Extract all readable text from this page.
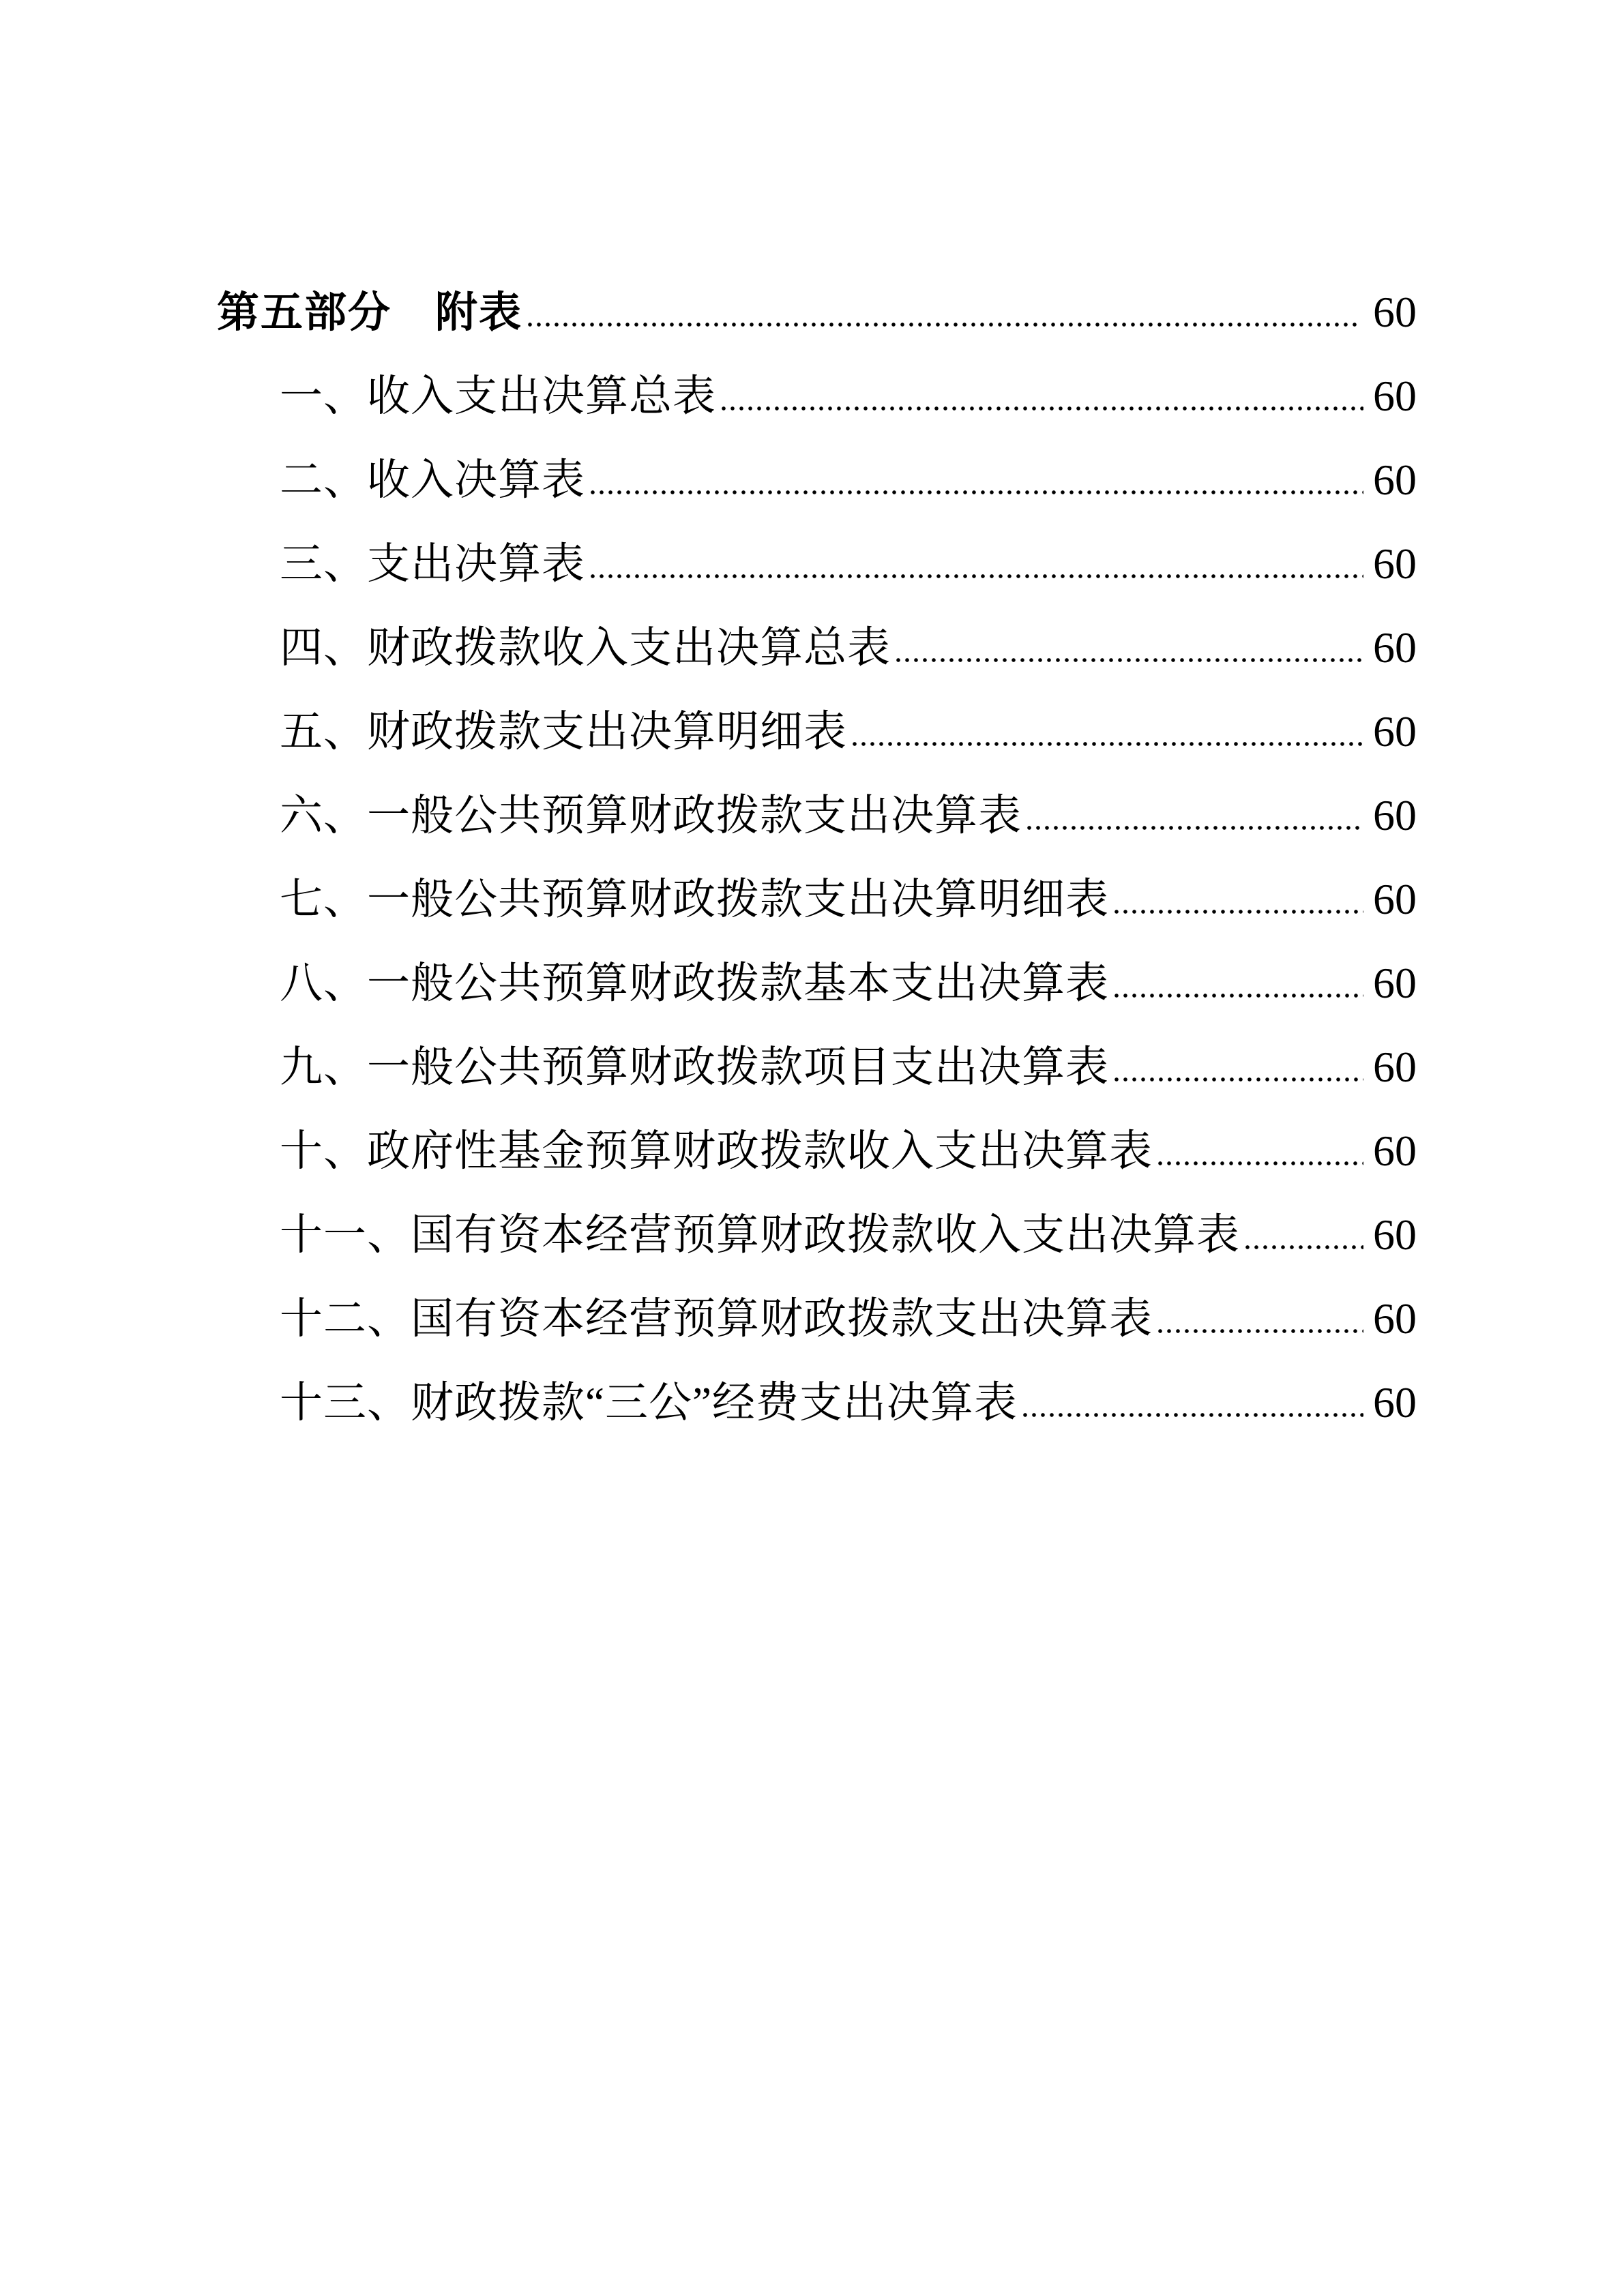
第五部分　附表	60
一、收入支出决算总表	60
二、收入决算表	60
三、支出决算表	60
四、财政拨款收入支出决算总表	60
五、财政拨款支出决算明细表	60
六、一般公共预算财政拨款支出决算表	60
七、一般公共预算财政拨款支出决算明细表	60
八、一般公共预算财政拨款基本支出决算表	60
九、一般公共预算财政拨款项目支出决算表	60
十、政府性基金预算财政拨款收入支出决算表	60
十一、国有资本经营预算财政拨款收入支出决算表	60
十二、国有资本经营预算财政拨款支出决算表	60
十三、财政拨款“三公”经费支出决算表	60
